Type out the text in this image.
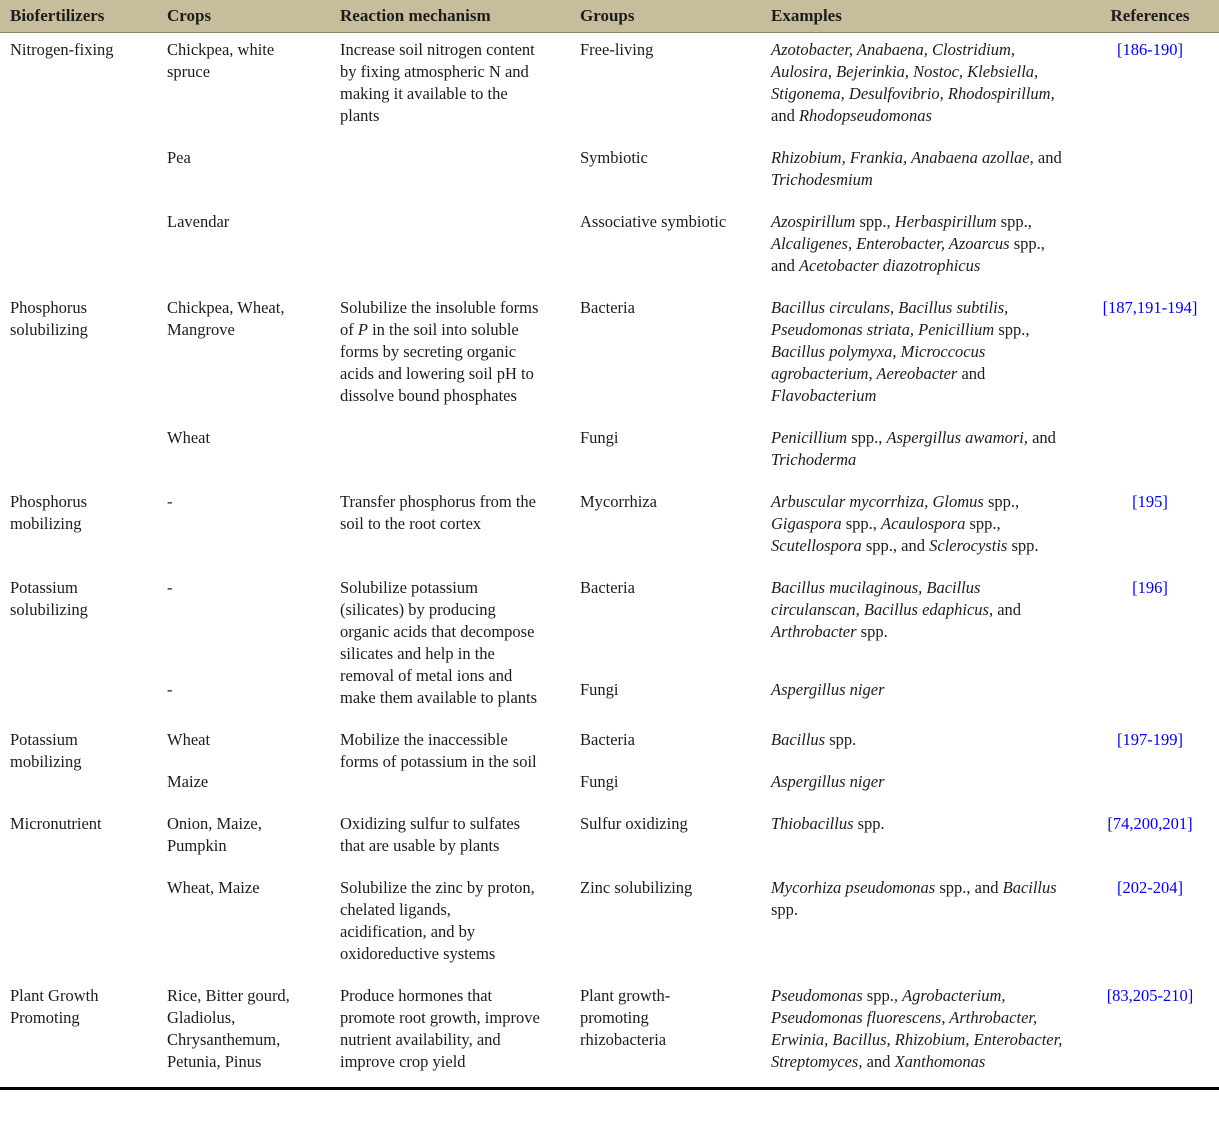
Biofertilizers	Crops	Reaction mechanism	Groups	Examples	References
Nitrogen-fixing	Chickpea, white spruce	Increase soil nitrogen content by fixing atmospheric N and making it available to the plants	Free-living	Azotobacter, Anabaena, Clostridium, Aulosira, Bejerinkia, Nostoc, Klebsiella, Stigonema, Desulfovibrio, Rhodospirillum, and Rhodopseudomonas	[186-190]
	Pea		Symbiotic	Rhizobium, Frankia, Anabaena azollae, and Trichodesmium	
	Lavendar		Associative symbiotic	Azospirillum spp., Herbaspirillum spp., Alcaligenes, Enterobacter, Azoarcus spp., and Acetobacter diazotrophicus	
Phosphorus solubilizing	Chickpea, Wheat, Mangrove	Solubilize the insoluble forms of P in the soil into soluble forms by secreting organic acids and lowering soil pH to dissolve bound phosphates	Bacteria	Bacillus circulans, Bacillus subtilis, Pseudomonas striata, Penicillium spp., Bacillus polymyxa, Microccocus agrobacterium, Aereobacter and Flavobacterium	[187,191-194]
	Wheat		Fungi	Penicillium spp., Aspergillus awamori, and Trichoderma	
Phosphorus mobilizing	-	Transfer phosphorus from the soil to the root cortex	Mycorrhiza	Arbuscular mycorrhiza, Glomus spp., Gigaspora spp., Acaulospora spp., Scutellospora spp., and Sclerocystis spp.	[195]
Potassium solubilizing	-	Solubilize potassium (silicates) by producing organic acids that decompose silicates and help in the removal of metal ions and make them available to plants	Bacteria	Bacillus mucilaginous, Bacillus circulanscan, Bacillus edaphicus, and Arthrobacter spp.	[196]
	-		Fungi	Aspergillus niger	
Potassium mobilizing	Wheat	Mobilize the inaccessible forms of potassium in the soil	Bacteria	Bacillus spp.	[197-199]
	Maize		Fungi	Aspergillus niger	
Micronutrient	Onion, Maize, Pumpkin	Oxidizing sulfur to sulfates that are usable by plants	Sulfur oxidizing	Thiobacillus spp.	[74,200,201]
	Wheat, Maize	Solubilize the zinc by proton, chelated ligands, acidification, and by oxidoreductive systems	Zinc solubilizing	Mycorhiza pseudomonas spp., and Bacillus spp.	[202-204]
Plant Growth Promoting	Rice, Bitter gourd, Gladiolus, Chrysanthemum, Petunia, Pinus	Produce hormones that promote root growth, improve nutrient availability, and improve crop yield	Plant growth-promoting rhizobacteria	Pseudomonas spp., Agrobacterium, Pseudomonas fluorescens, Arthrobacter, Erwinia, Bacillus, Rhizobium, Enterobacter, Streptomyces, and Xanthomonas	[83,205-210]
